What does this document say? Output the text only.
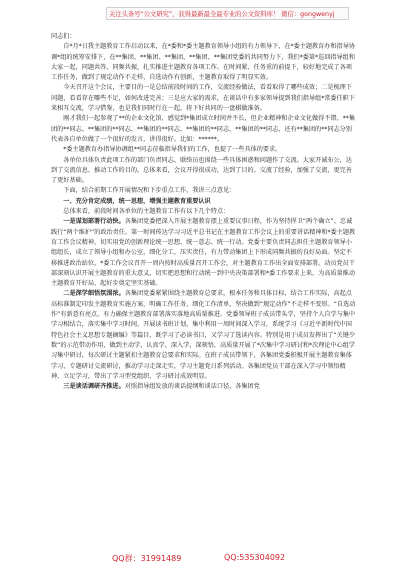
关注头条号“公文研究”，获得最新最全最专业的公文资料库！ 微信：gongwenyj

同志们：

自*月*日我主题教育工作启动以来，在*委和*委主题教育领导小组的有力领导下，在*委主题教育办和指导协调*组的统筹安排下，在**集团、**集团、**集团、**集团、**集团党委的共同努力下，我们*委第*巡回指导组和大家一起，同题共答，同频共振，扎实推进主题教育各项工作。在时间紧、任务重的前提下，较好地完成了各项工作任务，做到了规定动作不走样，自选动作有创新，主题教育取得了明显实效。

今天召开这个会议，主要目的一是总结前段时间的工作，交流经验做法，看看取得了哪些成效；二是梳理下问题，看看存在哪些不足，如何改进完善；三是应大家的需求，在谈话中有多家领导提到我们指导组*常委任职下来相互交流，学习借鉴，也是我们同时行在一起，将下好共同的一盘棋做准备。

刚才我们一起参观了**的企业文化馆，感觉到*集团成立时间并不长，但企业精神和企业文化做得不错。**集团的**同志、**集团的**同志、**集团的**同志、**集团的**同志、**集团的**同志，还有**集团的**同志分别代表各自单位做了一个很好的发言，讲得很好。比如：******。

*委主题教育办指导协调组**同志莅临指导我们的工作，也提了一些具体的要求。

各单位具体负责此项工作的部门负责同志、联络员也围绕一些具体困惑和问题作了交流。大家开诚布公，达到了交流信息、推动工作的目的。总体来看，会议开得很成功，达到了目的。交流了经验，加强了交流，更完善了更好基础。

下面，结合前期工作开展情况和下步重点工作，我讲三点意见：

一、充分肯定成绩，统一思想，增强主题教育重要认识

总体来看，前段时间各单位的主题教育工作有以下几个特点：

一是谋划部署行动快。各集团党委把深入开展主题教育摆上重要议事日程，作为坚持捍卫“两个确立”、忠诚践行“两个维护”的政治责任。第一时间传达学习习近平总书记在主题教育工作会议上的重要讲话精神和*委主题教育工作会议精神，切实用党的创新理论统一思想、统一意志、统一行动。党委主要负责同志担任主题教育领导小组组长，成立了领导小组和办公室，细化分工，压实责任，有力带动集团上下形成同频共振的良好局面。坚定不移推进政治站位，*委工作会议召开一周内按时高质量召开工作会，对主题教育工作出全面安排部署。动员党员干部深刻认识开展主题教育的重大意义，切实把思想和行动统一到中央决策部署和*委工作要求上来，为高质量推动主题教育开好局、起好步奠定坚实基础。

二是深学细悟氛围浓。各集团党委紧紧围绕主题教育总要求，根本任务和具体目标，结合工作实际，高起点高标准制定印发主题教育实施方案，明确工作任务，细化工作清单，坚决做到“规定动作”不走样不变形。“自选动作”有新意有亮点，有力确保主题教育部署落实落地高质量推进。党委领导班子成员带头学，坚持个人自学与集中学习相结合，落实集中学习时间，开展读书班计划，集中利用一周时间深入学习，系统学习《习近平新时代中国特色社会主义思想专题摘编》等篇目，既学习了必读书目，又学习了选读内容。特别是用于成员发挥出了“关键少数”的示范带动作用，做到主动学、认真学、深入学、深刻悟，高质量开展了*次集中学习研讨和*次理论中心组学习集中研讨，每次研讨主题紧扣主题教育总要求和实际。在班子成员带领下，各集团党委积极开展主题教育集体学习、专题研讨交流研讨，推动学习走深走实，学习主题党日系列活动。各集团党员干部在深入学习中领悟精神、立足学习，带出了学习型党组织，学习研讨成效明显。

三是谈话调研齐推进。对照指导组发放的谈话提纲和谈话口径，各集团党

QQ群：31991489	QQ:535304092
